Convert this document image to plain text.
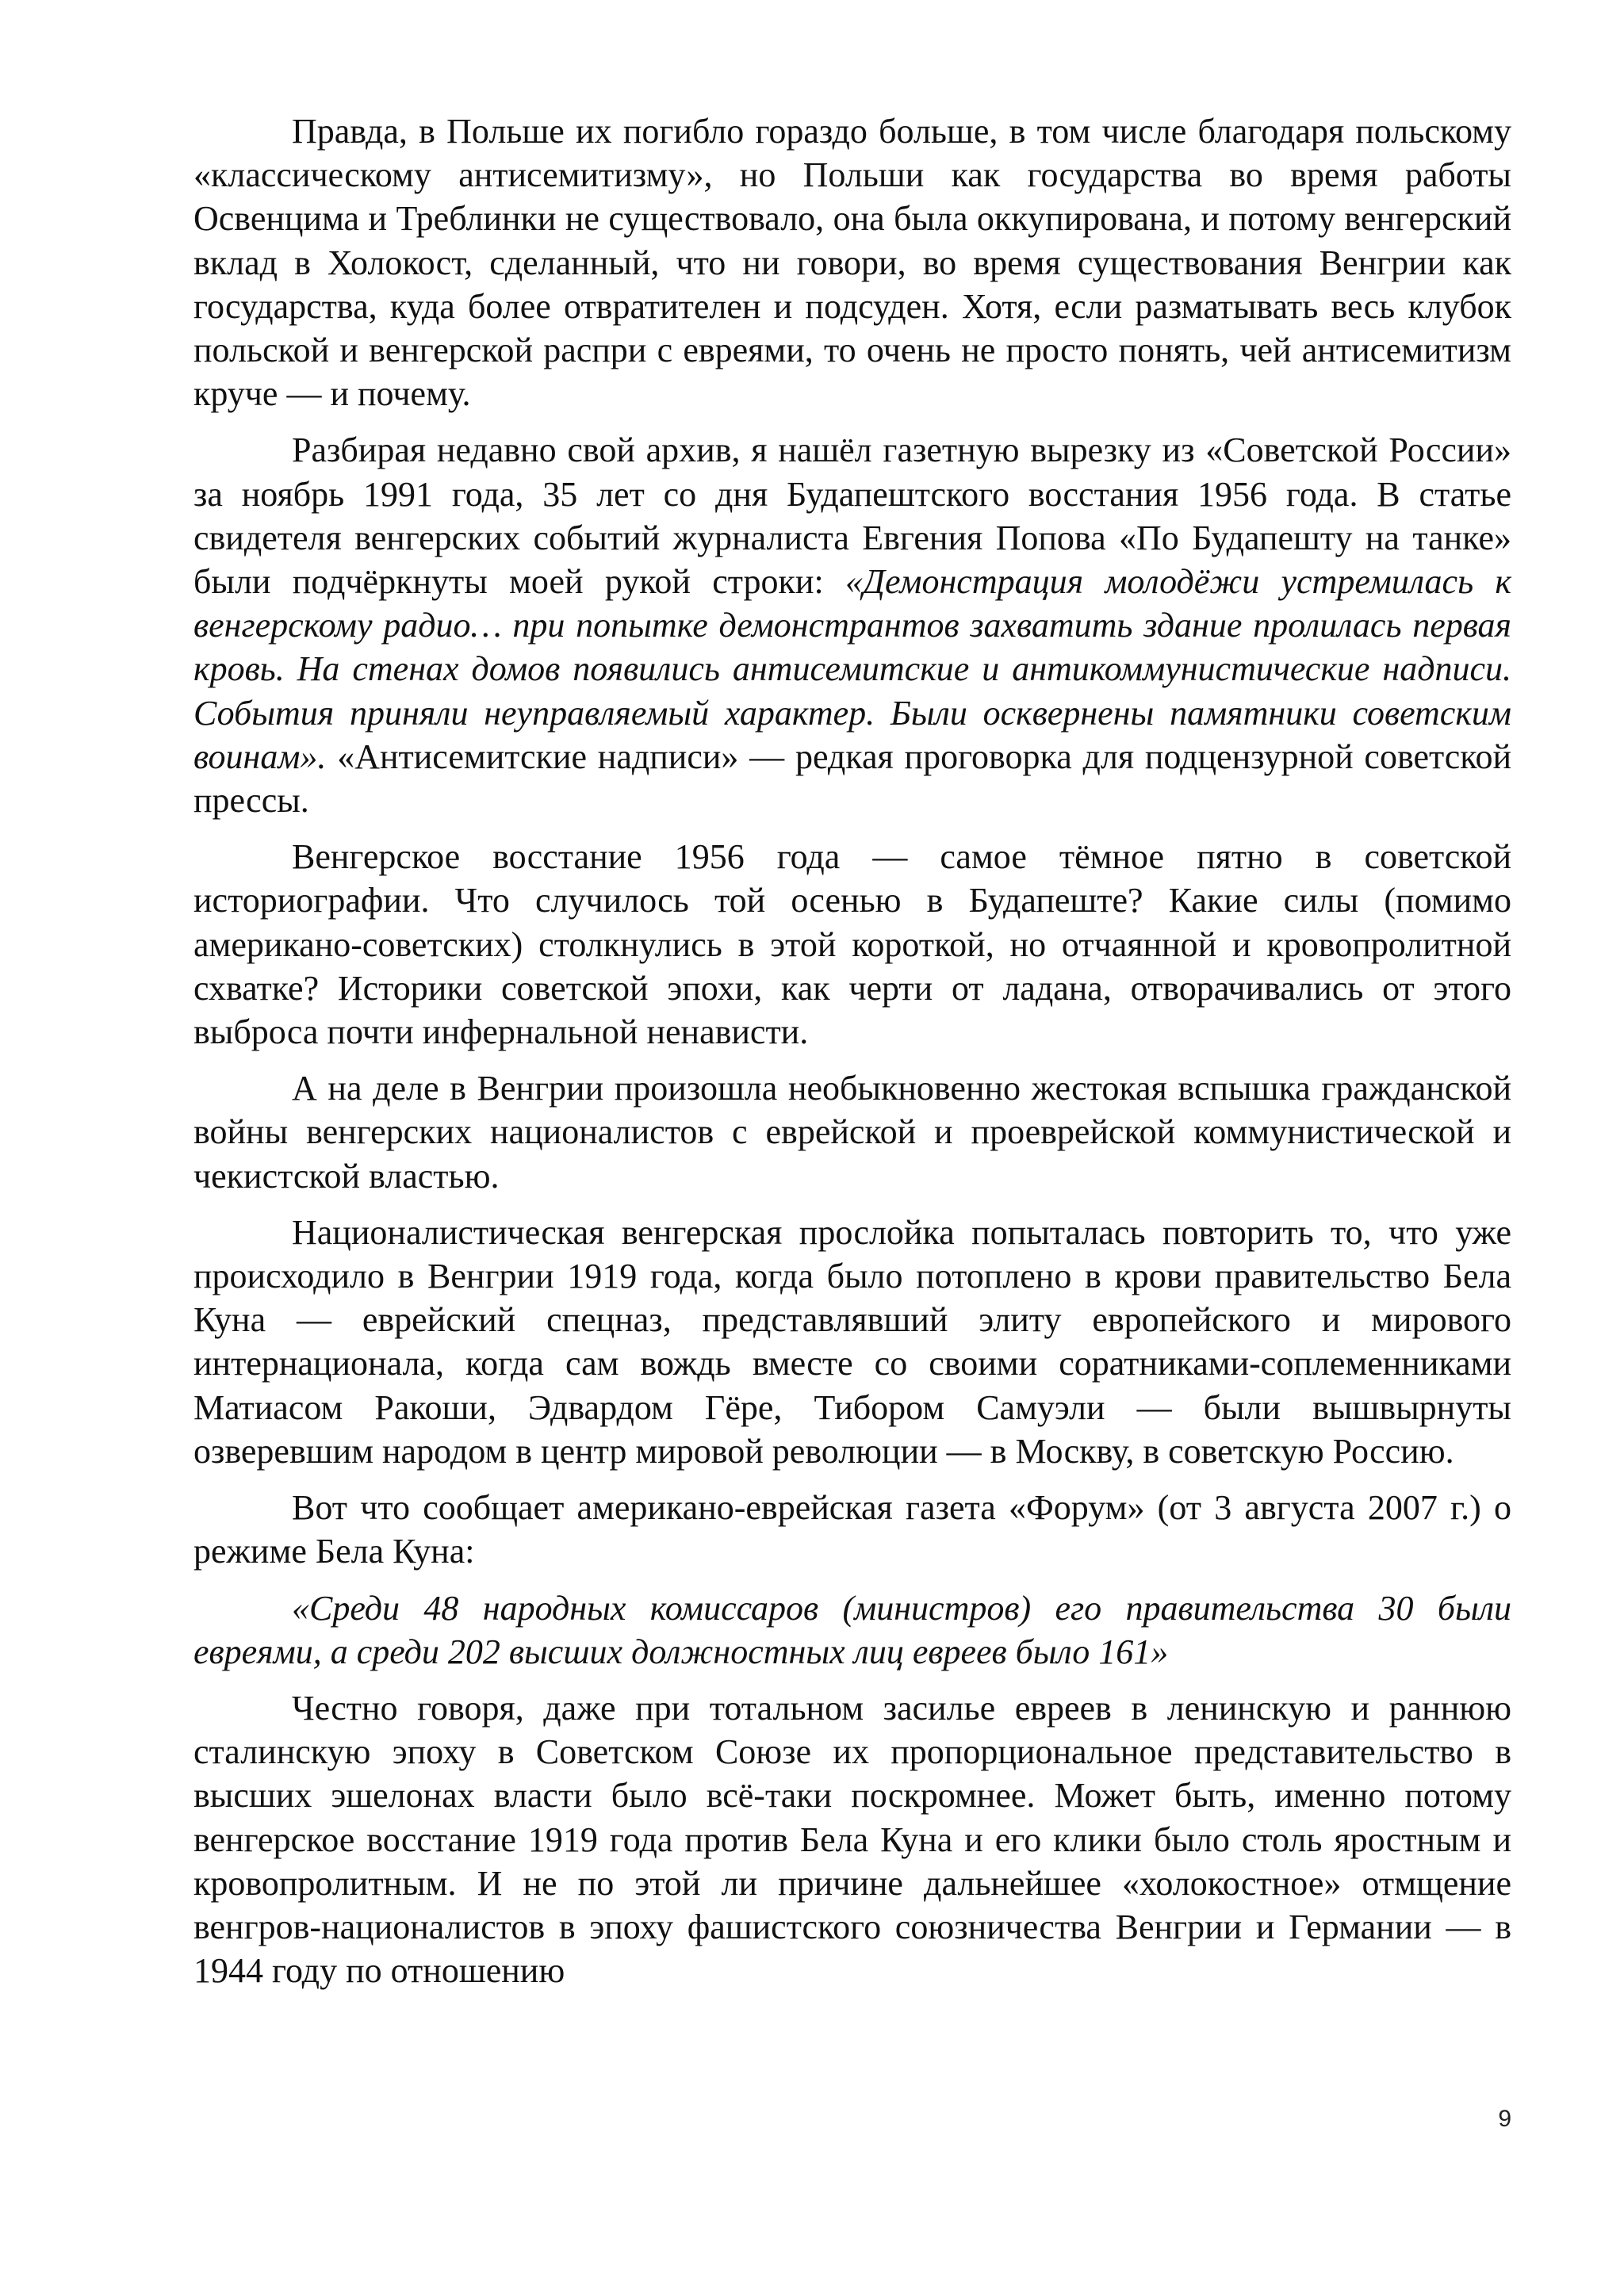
Правда, в Польше их погибло гораздо больше, в том числе благодаря польскому «классическому антисемитизму», но Польши как государства во время работы Освенцима и Треблинки не существовало, она была оккупирована, и потому венгерский вклад в Холокост, сделанный, что ни говори, во время существования Венгрии как государства, куда более отвратителен и подсуден. Хотя, если разматывать весь клубок польской и венгерской распри с евреями, то очень не просто понять, чей антисемитизм круче — и почему.

Разбирая недавно свой архив, я нашёл газетную вырезку из «Советской России» за ноябрь 1991 года, 35 лет со дня Будапештского восстания 1956 года. В статье свидетеля венгерских событий журналиста Евгения Попова «По Будапешту на танке» были подчёркнуты моей рукой строки: «Демонстрация молодёжи устремилась к венгерскому радио… при попытке демонстрантов захватить здание пролилась первая кровь. На стенах домов появились антисемитские и антикоммунистические надписи. События приняли неуправляемый характер. Были осквернены памятники советским воинам». «Антисемитские надписи» — редкая проговорка для подцензурной советской прессы.

Венгерское восстание 1956 года — самое тёмное пятно в советской историографии. Что случилось той осенью в Будапеште? Какие силы (помимо американо-советских) столкнулись в этой короткой, но отчаянной и кровопролитной схватке? Историки советской эпохи, как черти от ладана, отворачивались от этого выброса почти инфернальной ненависти.

А на деле в Венгрии произошла необыкновенно жестокая вспышка гражданской войны венгерских националистов с еврейской и проеврейской коммунистической и чекистской властью.

Националистическая венгерская прослойка попыталась повторить то, что уже происходило в Венгрии 1919 года, когда было потоплено в крови правительство Бела Куна — еврейский спецназ, представлявший элиту европейского и мирового интернационала, когда сам вождь вместе со своими соратниками-соплеменниками Матиасом Ракоши, Эдвардом Гёре, Тибором Самуэли — были вышвырнуты озверевшим народом в центр мировой революции — в Москву, в советскую Россию.

Вот что сообщает американо-еврейская газета «Форум» (от 3 августа 2007 г.) о режиме Бела Куна:

«Среди 48 народных комиссаров (министров) его правительства 30 были евреями, а среди 202 высших должностных лиц евреев было 161»

Честно говоря, даже при тотальном засилье евреев в ленинскую и раннюю сталинскую эпоху в Советском Союзе их пропорциональное представительство в высших эшелонах власти было всё-таки поскромнее. Может быть, именно потому венгерское восстание 1919 года против Бела Куна и его клики было столь яростным и кровопролитным. И не по этой ли причине дальнейшее «холокостное» отмщение венгров-националистов в эпоху фашистского союзничества Венгрии и Германии — в 1944 году по отношению

9
